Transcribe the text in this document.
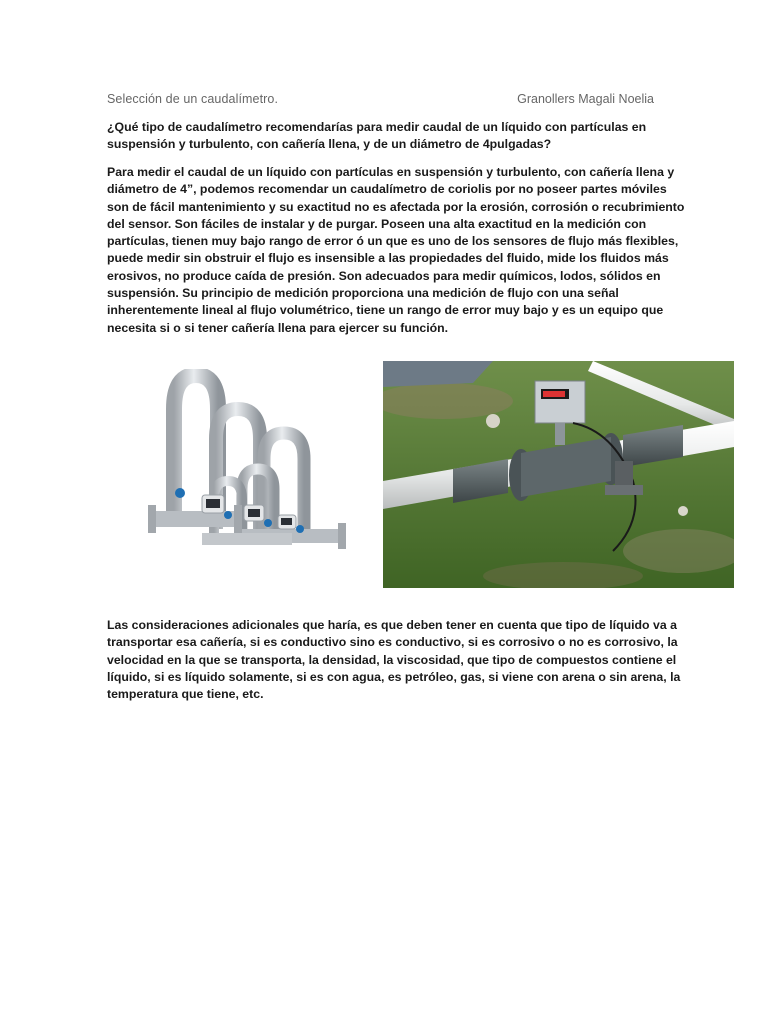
Selección de un caudalímetro.	Granollers Magali Noelia
¿Qué tipo de caudalímetro recomendarías para medir caudal de un líquido con partículas en
suspensión y turbulento, con cañería llena, y de un diámetro de 4pulgadas?
Para medir el caudal de un líquido con partículas en suspensión y turbulento, con cañería llena y
diámetro de 4”, podemos recomendar un caudalímetro de coriolis por no poseer partes móviles
son de fácil mantenimiento y su exactitud no es afectada por la erosión, corrosión o recubrimiento
del sensor. Son fáciles de instalar y de purgar. Poseen una alta exactitud en la medición con
partículas, tienen muy bajo rango de error ó un que es uno de los sensores de flujo más flexibles,
puede medir sin obstruir el flujo es insensible a las propiedades del fluido, mide los fluidos más
erosivos, no produce caída de presión. Son adecuados para medir químicos, lodos, sólidos en
suspensión. Su principio de medición proporciona una medición de flujo con una señal
inherentemente lineal al flujo volumétrico, tiene un rango de error muy bajo y es un equipo que
necesita si o si tener cañería llena para ejercer su función.
Las consideraciones adicionales que haría, es que deben tener en cuenta que tipo de líquido va a
transportar esa cañería, si es conductivo sino es conductivo, si es corrosivo o no es corrosivo, la
velocidad en la que se transporta, la densidad, la viscosidad, que tipo de compuestos contiene el
líquido, si es líquido solamente, si es con agua, es petróleo, gas, si viene con arena o sin arena, la
temperatura que tiene, etc.
